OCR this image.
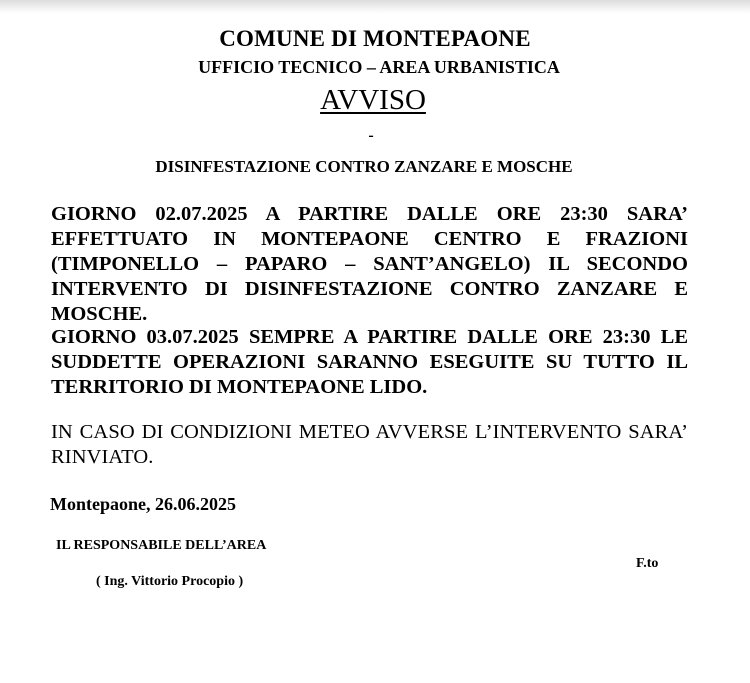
COMUNE DI MONTEPAONE
UFFICIO TECNICO – AREA URBANISTICA
AVVISO
-
DISINFESTAZIONE CONTRO ZANZARE E MOSCHE
GIORNO 02.07.2025 A PARTIRE DALLE ORE 23:30 SARA’ EFFETTUATO IN MONTEPAONE CENTRO E FRAZIONI (TIMPONELLO – PAPARO – SANT’ANGELO) IL SECONDO INTERVENTO DI DISINFESTAZIONE CONTRO ZANZARE E MOSCHE.
GIORNO 03.07.2025 SEMPRE A PARTIRE DALLE ORE 23:30 LE SUDDETTE OPERAZIONI SARANNO ESEGUITE SU TUTTO IL TERRITORIO DI MONTEPAONE LIDO.
IN CASO DI CONDIZIONI METEO AVVERSE L’INTERVENTO SARA’ RINVIATO.
Montepaone, 26.06.2025
IL RESPONSABILE DELL’AREA
F.to
( Ing. Vittorio Procopio )
